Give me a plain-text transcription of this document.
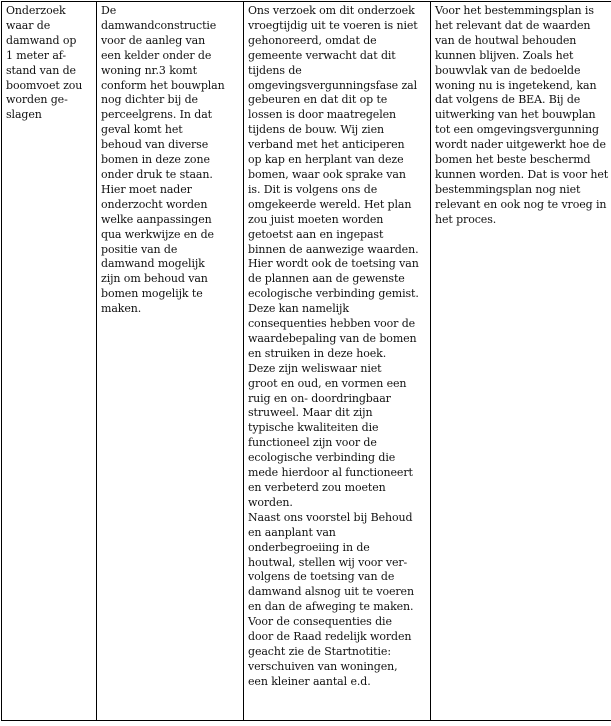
Onderzoek
waar de
damwand op
1 meter af-
stand van de
boomvoet zou
worden ge-
slagen

De
damwandconstructie
voor de aanleg van
een kelder onder de
woning nr.3 komt
conform het bouwplan
nog dichter bij de
perceelgrens. In dat
geval komt het
behoud van diverse
bomen in deze zone
onder druk te staan.
Hier moet nader
onderzocht worden
welke aanpassingen
qua werkwijze en de
positie van de
damwand mogelijk
zijn om behoud van
bomen mogelijk te
maken.

Ons verzoek om dit onderzoek
vroegtijdig uit te voeren is niet
gehonoreerd, omdat de
gemeente verwacht dat dit
tijdens de
omgevingsvergunningsfase zal
gebeuren en dat dit op te
lossen is door maatregelen
tijdens de bouw. Wij zien
verband met het anticiperen
op kap en herplant van deze
bomen, waar ook sprake van
is. Dit is volgens ons de
omgekeerde wereld. Het plan
zou juist moeten worden
getoetst aan en ingepast
binnen de aanwezige waarden.
Hier wordt ook de toetsing van
de plannen aan de gewenste
ecologische verbinding gemist.
Deze kan namelijk
consequenties hebben voor de
waardebepaling van de bomen
en struiken in deze hoek.
Deze zijn weliswaar niet
groot en oud, en vormen een
ruig en on- doordringbaar
struweel. Maar dit zijn
typische kwaliteiten die
functioneel zijn voor de
ecologische verbinding die
mede hierdoor al functioneert
en verbeterd zou moeten
worden.
Naast ons voorstel bij Behoud
en aanplant van
onderbegroeiing in de
houtwal, stellen wij voor ver-
volgens de toetsing van de
damwand alsnog uit te voeren
en dan de afweging te maken.
Voor de consequenties die
door de Raad redelijk worden
geacht zie de Startnotitie:
verschuiven van woningen,
een kleiner aantal e.d.

Voor het bestemmingsplan is
het relevant dat de waarden
van de houtwal behouden
kunnen blijven. Zoals het
bouwvlak van de bedoelde
woning nu is ingetekend, kan
dat volgens de BEA. Bij de
uitwerking van het bouwplan
tot een omgevingsvergunning
wordt nader uitgewerkt hoe de
bomen het beste beschermd
kunnen worden. Dat is voor het
bestemmingsplan nog niet
relevant en ook nog te vroeg in
het proces.
